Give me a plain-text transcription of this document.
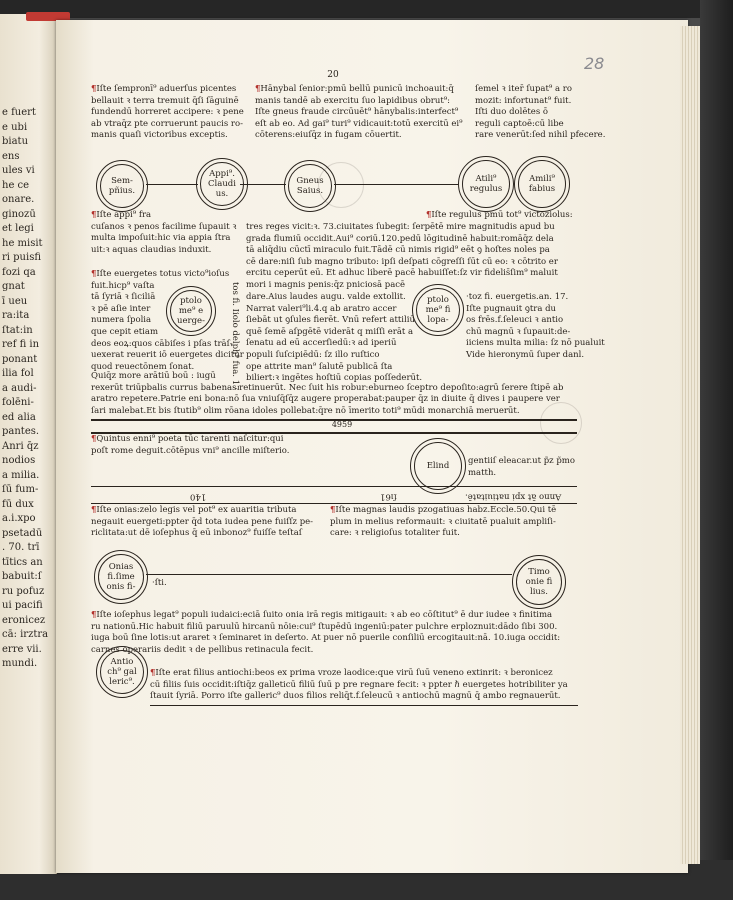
e fuert
e ubi
biatu
ens
ules vi
he ce
onare.
ginozū
et legi
he misit
ri puisfi
fozi qa
gnat
ī ueu
ra:ita
ſtat:in
ref fi in
ponant
ilia fol
a audi-
folēni-
ed alia
pantes.
Anri q̄z
nodios
a milia.
ſū fum-
fū dux
a.i.xpo
psetadū
. 70. trī
tītics an
babuit:ſ
ru pofuz
ui pacifi
eronicez
cā: irztra
erre vii.
mundi.
20
28
¶Iſte ſempronī⁹ aduerſus picentes
bellauit ꝛ terra tremuit q̄ſi ſāguinē
fundendū horreret accipere: ꝛ pene
ab vtraq̄z pte corruerunt paucis ro-
manis quaſi victoribus exceptis.
¶Hānybal ſenior:pmū bellū punicū inchoauit:q̄
manis tandē ab exercitu ſuo lapidibus obrut⁹:
Iſte gneus fraude circūuēt⁹ hānybalis:interfect⁹
eſt ab eo. Ad gai⁹ turi⁹ vidicauit:totū exercitū ei⁹
cōterens:eiuſq̄z in fugam cōuertit.
ſemel ꝛ iter̄ ſupat⁹ a ro
mozit: infortunat⁹ fuit.
Iſti duo dolētes ō
reguli captoē:cū libe
rare venerūt:ſed nihil pfecere.
Sem-
pñius.
Appi⁹.
Claudi
us.
Gneus
Saius.
Atili⁹
regulus
Amili⁹
fabius
¶Iſte appi⁹ fra
cuſanos ꝛ penos facilime ſupauit ꝛ
multa impoſuit:hic via appia ſtra
uit:ꝛ aquas claudias induxit.
¶Iſte regulus pmū tot⁹ victoziolus:
tres reges vicit:ꝛ. 73.ciuitates ſubegit: ſerpētē mire magnitudis apud bu
grada flumiū occidit.Aui⁹ coriū.120.pedū lōgitudinē habuit:romāq̄z dela
tā aliq̄diu cūctī miraculo fuit.Tādē cū nimis rigid⁹ eēt ꝯ hoſtes noles pa
cē dare:niſi ſub magno tributo: ipſi deſpati cōgreſſi ſūt cū eo: ꝛ cōtrito er
ercitu ceperūt eū. Et adhuc liberē pacē habuiſſet:ſz vir fidelis̄ſim⁹ maluit
mori i magnis penis:q̄z pniciosā pacē
¶Iſte euergetes totus victo⁹ioſus
fuit.hicp⁹ vaſta
tā ſyriā ꝛ ſiciliā
ꝛ pē aſie inter
numera ſpolia
que cepit etiam
deos eoꝝ:quos cābiſes i pſas trāſ-
uexerat reuerit iō euergetes dicitur
quod reuectōnem ſonat.
ptolo
me⁹ e
uerge-	tos fi. Iiolo delph⁹ fua. 17 dare.Aius laudes augu. valde extollit.
Narrat valeri⁹li.4.q ab aratro accer
ſiebāt ut ꝯſules fierēt. Vnū refert attiliū
quē ſemē aſpgētē viderāt q miſſi erāt a
ſenatu ad eū accerſiedū:ꝛ ad iperiū
populi ſuſcipiēdū: ſz illo ruſtico
ope attrite man⁹ ſalutē publicā ſta
biliert:ꝛ ingētes hoſtiū copias poſſederūt.
ptolo
me⁹ fi
lopa-
·toz fi. euergetis.an. 17.
Iſte pugnauit ꝯtra du
os frēs.f.ſeleuci ꝛ antio
chū magnū ꝛ ſupauit:de-
iiciens multa milia: ſz nō pualuit
Vide hieronymū ſuper danl.
Quiq̄z more arātiū boū : iugū
rexerūt triūpbalis currus babenas retinuerūt. Nec ſuit his robur:eburneo ſceptro depoſito:agrū ſerere ſtipē ab
aratro repetere.Patrie eni bona:nō ſua vniuſq̄ſq̄z augere properabat:pauper q̄z in diuite q̄ dives i paupere ver
ſari malebat.Et bis ſtutib⁹ olim rōana idoles pollebat:q̄re nō īmerito toti⁹ mūdi monarchiā meruerūt.
4959
¶Quintus enni⁹ poeta tūc tarenti naſcitur:qui
poſt rome deguit.cōtēpus vni⁹ ancille miſterio.
Elind gentiiſ eleacar.ut p̃z p̃mo
matth.
140	ſı61	Anno āt xpi natiuitatē.
¶Iſte onias:zelo legis vel pot⁹ ex auaritia tributa
negauit euergeti:ppter q̄d tota iudea pene fuiſſz pe-
riclitata:ut dē ioſephus q̄ eū inbonoz⁹ fuiſſe teſtaſ
¶Iſte magnas laudis pzogatiuas habz.Eccle.50.Qui tē
plum in melius reformauit: ꝛ ciuitatē pualuit ampliſi-
care: ꝛ religioſus totaliter fuit.
·ſti.
Onias
fi.ſime
onis fi-
Timo
onie fi
lius.
¶Iſte ioſephus legat⁹ populi iudaici:eciā ſuito onia irā regis mitigauit: ꝛ ab eo cōſtitut⁹ ē dur iudee ꝛ finitima
ru nationū.Hic habuit filiū paruulū hircanū nōie:cui⁹ ſtupēdū ingeniū:pater pulchre erploznuit:dādo ſibi 300.
iuga boū ſine lotis:ut araret ꝛ ſeminaret in deſerto. At puer nō puerile conſiliū ercogitauit:nā. 10.iuga occidit:
carnes operariis dedit ꝛ de pellibus retinacula fecit.
Antio
ch⁹ gal
leric⁹.
¶Iſte erat filius antiochi:beos ex prima vroze laodice:que virū ſuū veneno extinrit: ꝛ beronicez
cū filiis ſuis occidit:iſtiq̄z galleticū filiū ſuū p pre regnare fecit: ꝛ ppter ℏ euergetes hotribiliter ya
ſtauit ſyriā. Porro iſte galleric⁹ duos filios reliq̄t.f.ſeleucū ꝛ antiochū magnū q̄ ambo regnauerūt.
